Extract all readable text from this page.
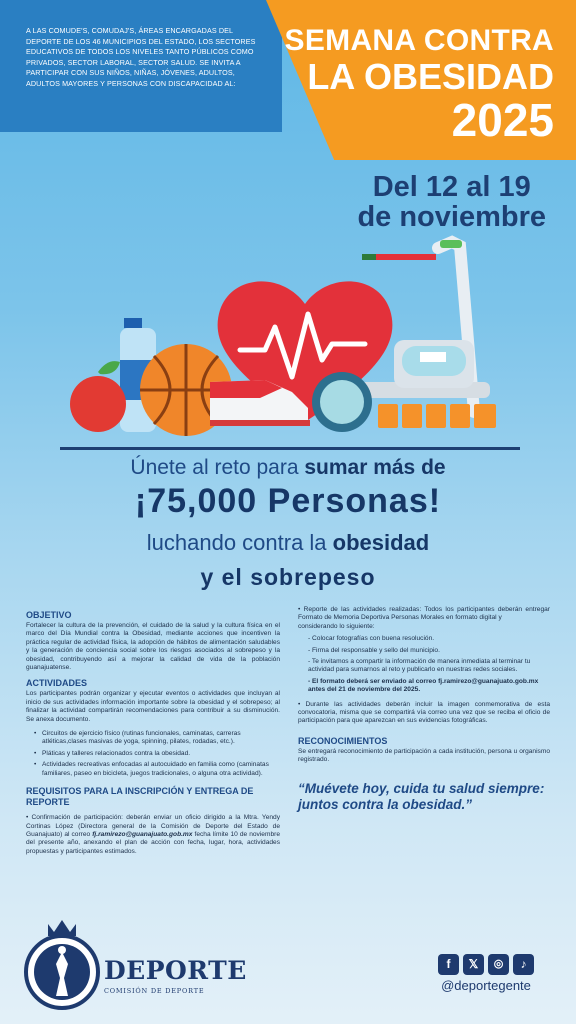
A LAS COMUDE'S, COMUDAJ'S, ÁREAS ENCARGADAS DEL DEPORTE DE LOS 46 MUNICIPIOS DEL ESTADO, LOS SECTORES EDUCATIVOS DE TODOS LOS NIVELES TANTO PÚBLICOS COMO PRIVADOS, SECTOR LABORAL, SECTOR SALUD. SE INVITA A PARTICIPAR CON SUS NIÑOS, NIÑAS, JÓVENES, ADULTOS, ADULTOS MAYORES Y PERSONAS CON DISCAPACIDAD AL:

SEMANA CONTRA
LA OBESIDAD
2025
Del 12 al 19
de noviembre
Únete al reto para sumar más de
¡75,000 Personas!
luchando contra la obesidad
y el sobrepeso
OBJETIVO

Fortalecer la cultura de la prevención, el cuidado de la salud y la cultura física en el marco del Día Mundial contra la Obesidad, mediante acciones que incentiven la práctica regular de actividad física, la adopción de hábitos de alimentación saludables y la generación de conciencia social sobre los riesgos asociados al sobrepeso y la obesidad, contribuyendo así a mejorar la calidad de vida de la población guanajuatense.

ACTIVIDADES

Los participantes podrán organizar y ejecutar eventos o actividades que incluyan al inicio de sus actividades información importante sobre la obesidad y el sobrepeso; al finalizar la actividad compartirán recomendaciones para contribuir a su disminución. Se anexa documento.

• Circuitos de ejercicio físico (rutinas funcionales, caminatas, carreras atléticas,clases masivas de yoga, spinning, pilates, rodadas, etc.).
• Pláticas y talleres relacionados contra la obesidad.
• Actividades recreativas enfocadas al autocuidado en familia como (caminatas familiares, paseo en bicicleta, juegos tradicionales, o alguna otra actividad).
REQUISITOS PARA LA INSCRIPCIÓN Y ENTREGA DE REPORTE

• Confirmación de participación: deberán enviar un oficio dirigido a la Mtra. Yendy Cortinas López (Directora general de la Comisión de Deporte del Estado de Guanajuato) al correo fj.ramirezo@guanajuato.gob.mx fecha límite 10 de noviembre del presente año, anexando el plan de acción con fecha, lugar, hora, actividades propuestas y participantes estimados.

• Reporte de las actividades realizadas: Todos los participantes deberán entregar Formato de Memoria Deportiva Personas Morales en formato digital y
considerando lo siguiente:

- Colocar fotografías con buena resolución.
- Firma del responsable y sello del municipio.
- Te invitamos a compartir la información de manera inmediata al terminar tu actividad para sumarnos al reto y publicarlo en nuestras redes sociales.
- El formato deberá ser enviado al correo fj.ramirezo@guanajuato.gob.mx antes del 21 de noviembre del 2025.

• Durante las actividades deberán incluir la imagen conmemorativa de esta convocatoria, misma que se compartirá vía correo una vez que se reciba el oficio de participación para que aparezcan en sus evidencias fotográficas.

RECONOCIMIENTOS

Se entregará reconocimiento de participación a cada institución, persona u organismo registrado.

“Muévete hoy, cuida tu salud siempre: juntos contra la obesidad.”
DEPORTE
COMISIÓN DE DEPORTE
f	𝕏	◎	♪
@deportegente
